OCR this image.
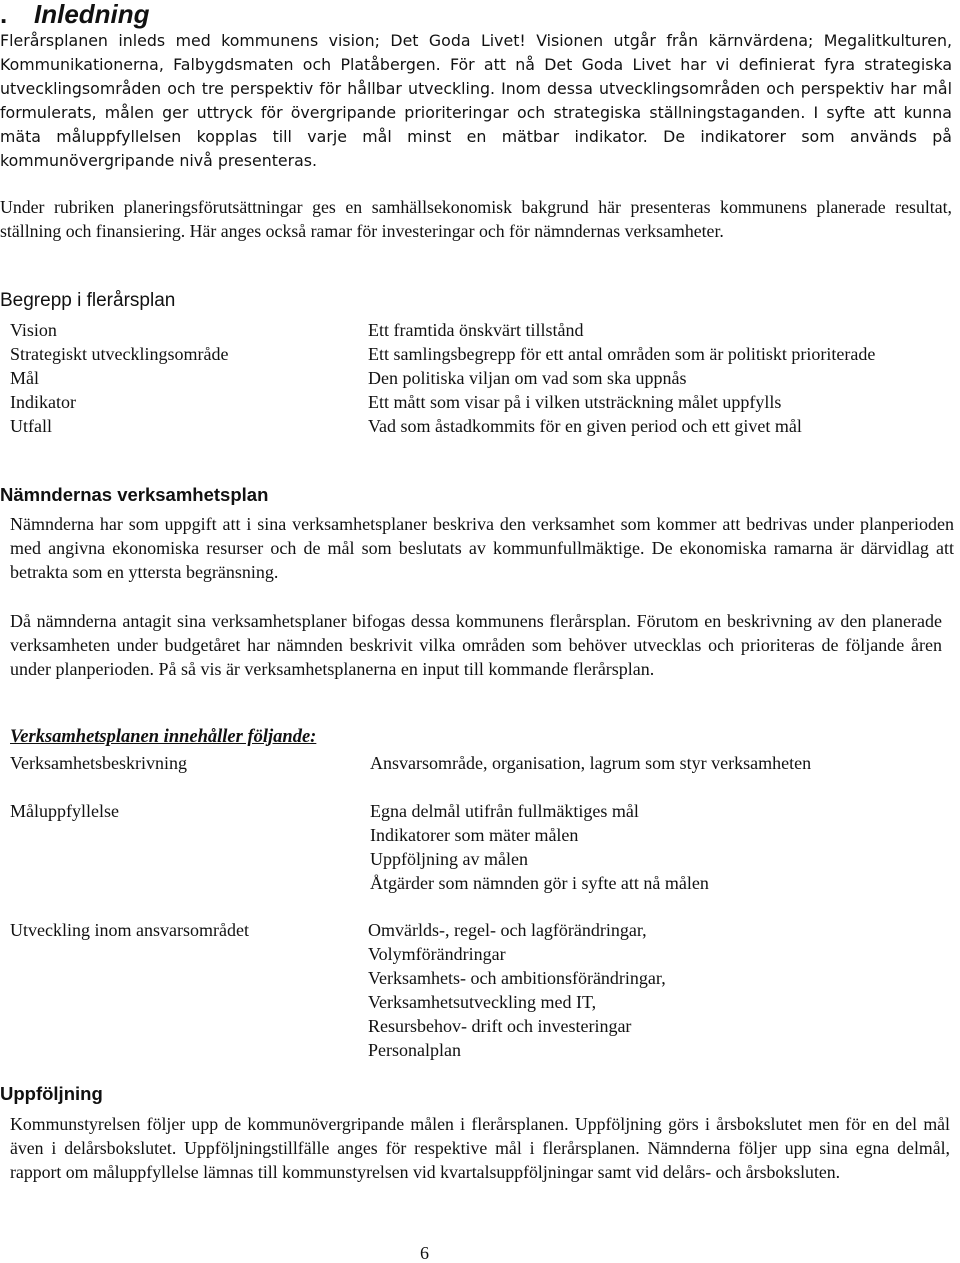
. Inledning

Flerårsplanen inleds med kommunens vision; Det Goda Livet! Visionen utgår från kärnvärdena; Megalitkulturen, Kommunikationerna, Falbygdsmaten och Platåbergen. För att nå Det Goda Livet har vi definierat fyra strategiska utvecklingsområden och tre perspektiv för hållbar utveckling. Inom dessa utvecklingsområden och perspektiv har mål formulerats, målen ger uttryck för övergripande prioriteringar och strategiska ställningstaganden. I syfte att kunna mäta måluppfyllelsen kopplas till varje mål minst en mätbar indikator. De indikatorer som används på kommunövergripande nivå presenteras.

Under rubriken planeringsförutsättningar ges en samhällsekonomisk bakgrund här presenteras kommunens planerade resultat, ställning och finansiering. Här anges också ramar för investeringar och för nämndernas verksamheter.

Begrepp i flerårsplan
Vision	Ett framtida önskvärt tillstånd
Strategiskt utvecklingsområde	Ett samlingsbegrepp för ett antal områden som är politiskt prioriterade
Mål	Den politiska viljan om vad som ska uppnås
Indikator	Ett mått som visar på i vilken utsträckning målet uppfylls
Utfall	Vad som åstadkommits för en given period och ett givet mål
Nämndernas verksamhetsplan

Nämnderna har som uppgift att i sina verksamhetsplaner beskriva den verksamhet som kommer att bedrivas under planperioden med angivna ekonomiska resurser och de mål som beslutats av kommunfullmäktige. De ekonomiska ramarna är därvidlag att betrakta som en yttersta begränsning.

Då nämnderna antagit sina verksamhetsplaner bifogas dessa kommunens flerårsplan. Förutom en beskrivning av den planerade verksamheten under budgetåret har nämnden beskrivit vilka områden som behöver utvecklas och prioriteras de följande åren under planperioden. På så vis är verksamhetsplanerna en input till kommande flerårsplan.

Verksamhetsplanen innehåller följande:
Verksamhetsbeskrivning	Ansvarsområde, organisation, lagrum som styr verksamheten
Måluppfyllelse	Egna delmål utifrån fullmäktiges mål
Indikatorer som mäter målen
Uppföljning av målen
Åtgärder som nämnden gör i syfte att nå målen
Utveckling inom ansvarsområdet	Omvärlds-, regel- och lagförändringar,
Volymförändringar
Verksamhets- och ambitionsförändringar,
Verksamhetsutveckling med IT,
Resursbehov- drift och investeringar
Personalplan
Uppföljning

Kommunstyrelsen följer upp de kommunövergripande målen i flerårsplanen. Uppföljning görs i årsbokslutet men för en del mål även i delårsbokslutet. Uppföljningstillfälle anges för respektive mål i flerårsplanen. Nämnderna följer upp sina egna delmål, rapport om måluppfyllelse lämnas till kommunstyrelsen vid kvartalsuppföljningar samt vid delårs- och årsboksluten.

6
